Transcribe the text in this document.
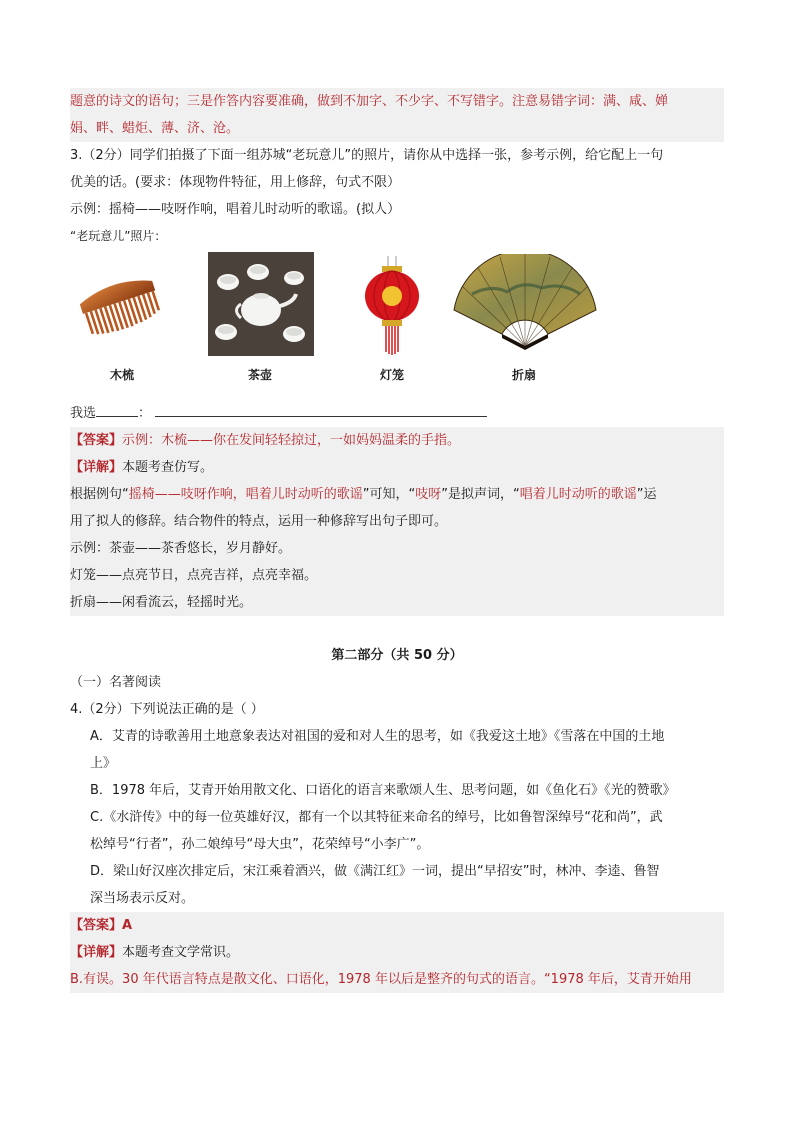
题意的诗文的语句；三是作答内容要准确，做到不加字、不少字、不写错字。注意易错字词：满、咸、婵
娟、畔、蜡炬、薄、济、沧。
3.（2分）同学们拍摄了下面一组苏城“老玩意儿”的照片，请你从中选择一张，参考示例，给它配上一句
优美的话。(要求：体现物件特征，用上修辞，句式不限）
示例：摇椅——吱呀作响，唱着儿时动听的歌谣。(拟人）
“老玩意儿”照片：
木梳	茶壶	灯笼	折扇
我选	：
【答案】示例：木梳——你在发间轻轻掠过，一如妈妈温柔的手指。
【详解】本题考查仿写。
根据例句“摇椅——吱呀作响，唱着儿时动听的歌谣”可知，“吱呀”是拟声词，“唱着儿时动听的歌谣”运
用了拟人的修辞。结合物件的特点，运用一种修辞写出句子即可。
示例：茶壶——茶香悠长，岁月静好。
灯笼——点亮节日，点亮吉祥，点亮幸福。
折扇——闲看流云，轻摇时光。
第二部分（共 50 分）
（一）名著阅读
4.（2分）下列说法正确的是（ ）
A．艾青的诗歌善用土地意象表达对祖国的爱和对人生的思考，如《我爱这土地》《雪落在中国的土地
上》
B．1978 年后，艾青开始用散文化、口语化的语言来歌颂人生、思考问题，如《鱼化石》《光的赞歌》
C.《水浒传》中的每一位英雄好汉，都有一个以其特征来命名的绰号，比如鲁智深绰号“花和尚”，武
松绰号“行者”，孙二娘绰号“母大虫”，花荣绰号“小李广”。
D．梁山好汉座次排定后，宋江乘着酒兴，做《满江红》一词，提出“早招安”时，林冲、李逵、鲁智
深当场表示反对。
【答案】A
【详解】本题考查文学常识。
B.有误。30 年代语言特点是散文化、口语化，1978 年以后是整齐的句式的语言。“1978 年后，艾青开始用
